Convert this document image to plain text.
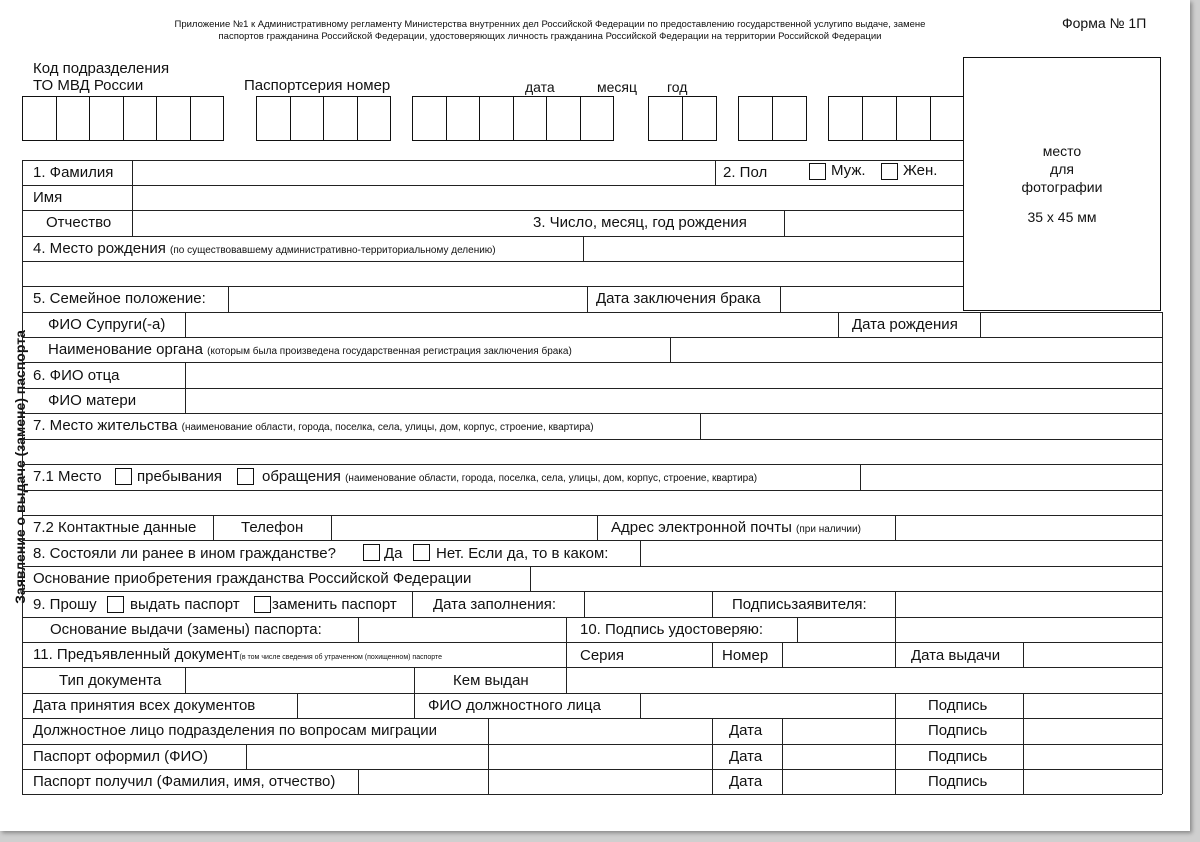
Приложение №1 к Административному регламенту Министерства внутренних дел Российской Федерации по предоставлению государственной услугипо выдаче, замене
паспортов гражданина Российской Федерации, удостоверяющих личность гражданина Российской Федерации на территории Российской Федерации
Форма № 1П
Код подразделения
ТО МВД России	Паспортсерия номер	дата	месяц год
место
для
фотографии
35 х 45 мм
Заявление о выдаче (замене) паспорта
1. Фамилия	2. Пол	Муж. Жен.
Имя
Отчество	3. Число, месяц, год рождения
4. Место рождения (по существовавшему административно-территориальному делению)
5. Семейное положение:	Дата заключения брака
ФИО Супруги(-а)	Дата рождения
Наименование органа (которым была произведена государственная регистрация заключения брака)
6. ФИО отца
ФИО матери
7. Место жительства (наименование области, города, поселка, села, улицы, дом, корпус, строение, квартира)
7.1 Место пребывания	обращения (наименование области, города, поселка, села, улицы, дом, корпус, строение, квартира)
7.2 Контактные данные	Телефон	Адрес электронной почты (при наличии)
8. Состояли ли ранее в ином гражданстве?	Да Нет. Если да, то в каком:
Основание приобретения гражданства Российской Федерации
9. Прошу выдать паспорт заменить паспорт Дата заполнения:	Подписьзаявителя:
Основание выдачи (замены) паспорта:	10. Подпись удостоверяю:
11. Предъявленный документ(в том числе сведения об утраченном (похищенном) паспорте	Серия	Номер	Дата выдачи
Тип документа	Кем выдан
Дата принятия всех документов	ФИО должностного лица	Подпись
Должностное лицо подразделения по вопросам миграции	Дата	Подпись
Паспорт оформил (ФИО)	Дата	Подпись
Паспорт получил (Фамилия, имя, отчество)	Дата	Подпись
